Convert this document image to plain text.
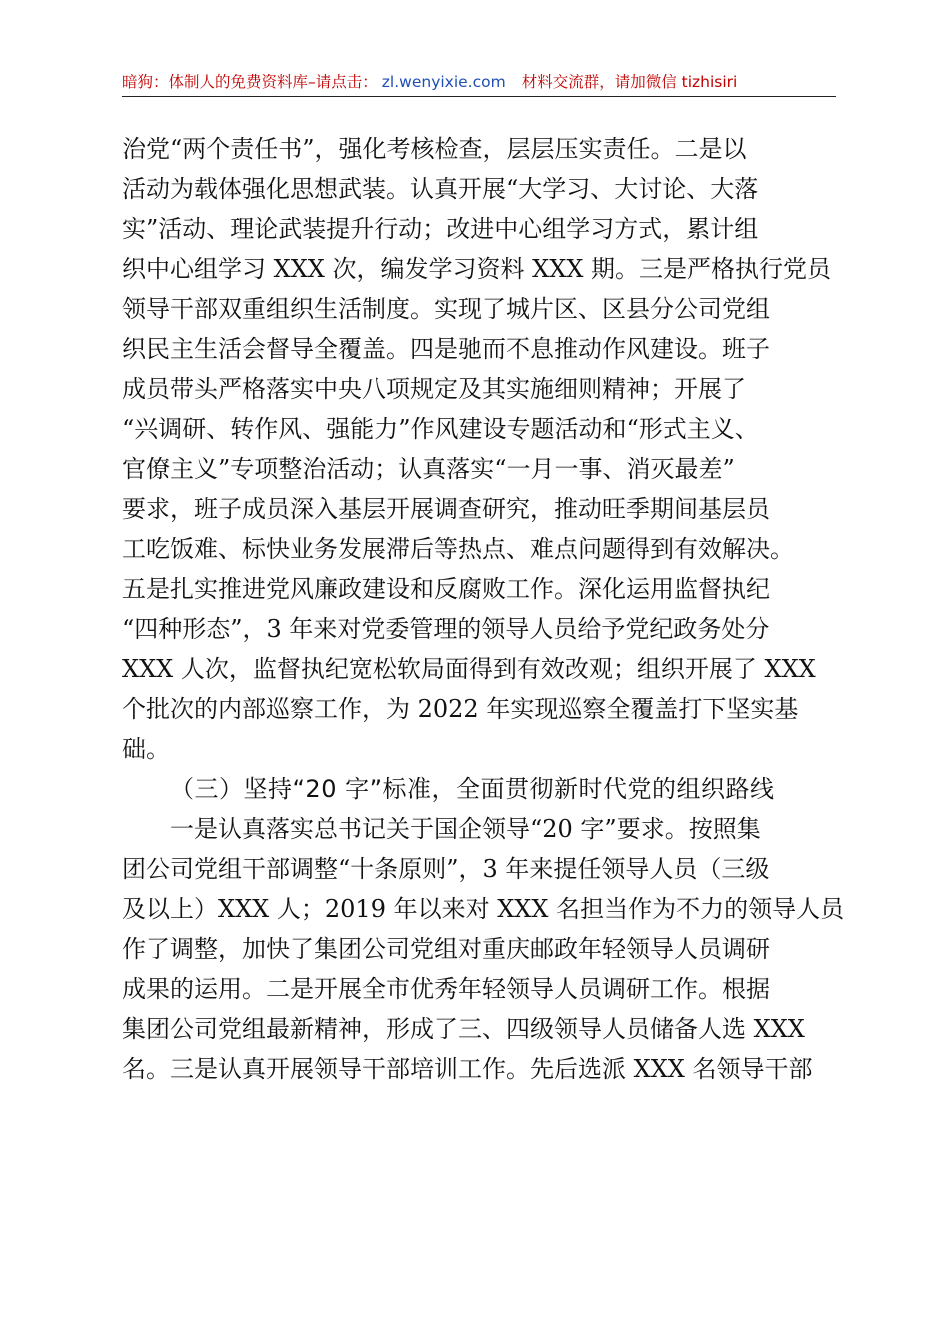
暗狗：体制人的免费资料库–请点击： zl.wenyixie.com 材料交流群，请加微信 tizhisiri
治党“两个责任书”，强化考核检查，层层压实责任。二是以
活动为载体强化思想武装。认真开展“大学习、大讨论、大落
实”活动、理论武装提升行动；改进中心组学习方式，累计组
织中心组学习 XXX 次，编发学习资料 XXX 期。三是严格执行党员
领导干部双重组织生活制度。实现了城片区、区县分公司党组
织民主生活会督导全覆盖。四是驰而不息推动作风建设。班子
成员带头严格落实中央八项规定及其实施细则精神；开展了
“兴调研、转作风、强能力”作风建设专题活动和“形式主义、
官僚主义”专项整治活动；认真落实“一月一事、消灭最差”
要求，班子成员深入基层开展调查研究，推动旺季期间基层员
工吃饭难、标快业务发展滞后等热点、难点问题得到有效解决。
五是扎实推进党风廉政建设和反腐败工作。深化运用监督执纪
“四种形态”，3 年来对党委管理的领导人员给予党纪政务处分
XXX 人次，监督执纪宽松软局面得到有效改观；组织开展了 XXX
个批次的内部巡察工作，为 2022 年实现巡察全覆盖打下坚实基
础。
（三）坚持“20 字”标准，全面贯彻新时代党的组织路线
一是认真落实总书记关于国企领导“20 字”要求。按照集
团公司党组干部调整“十条原则”，3 年来提任领导人员（三级
及以上）XXX 人；2019 年以来对 XXX 名担当作为不力的领导人员
作了调整，加快了集团公司党组对重庆邮政年轻领导人员调研
成果的运用。二是开展全市优秀年轻领导人员调研工作。根据
集团公司党组最新精神，形成了三、四级领导人员储备人选 XXX
名。三是认真开展领导干部培训工作。先后选派 XXX 名领导干部
